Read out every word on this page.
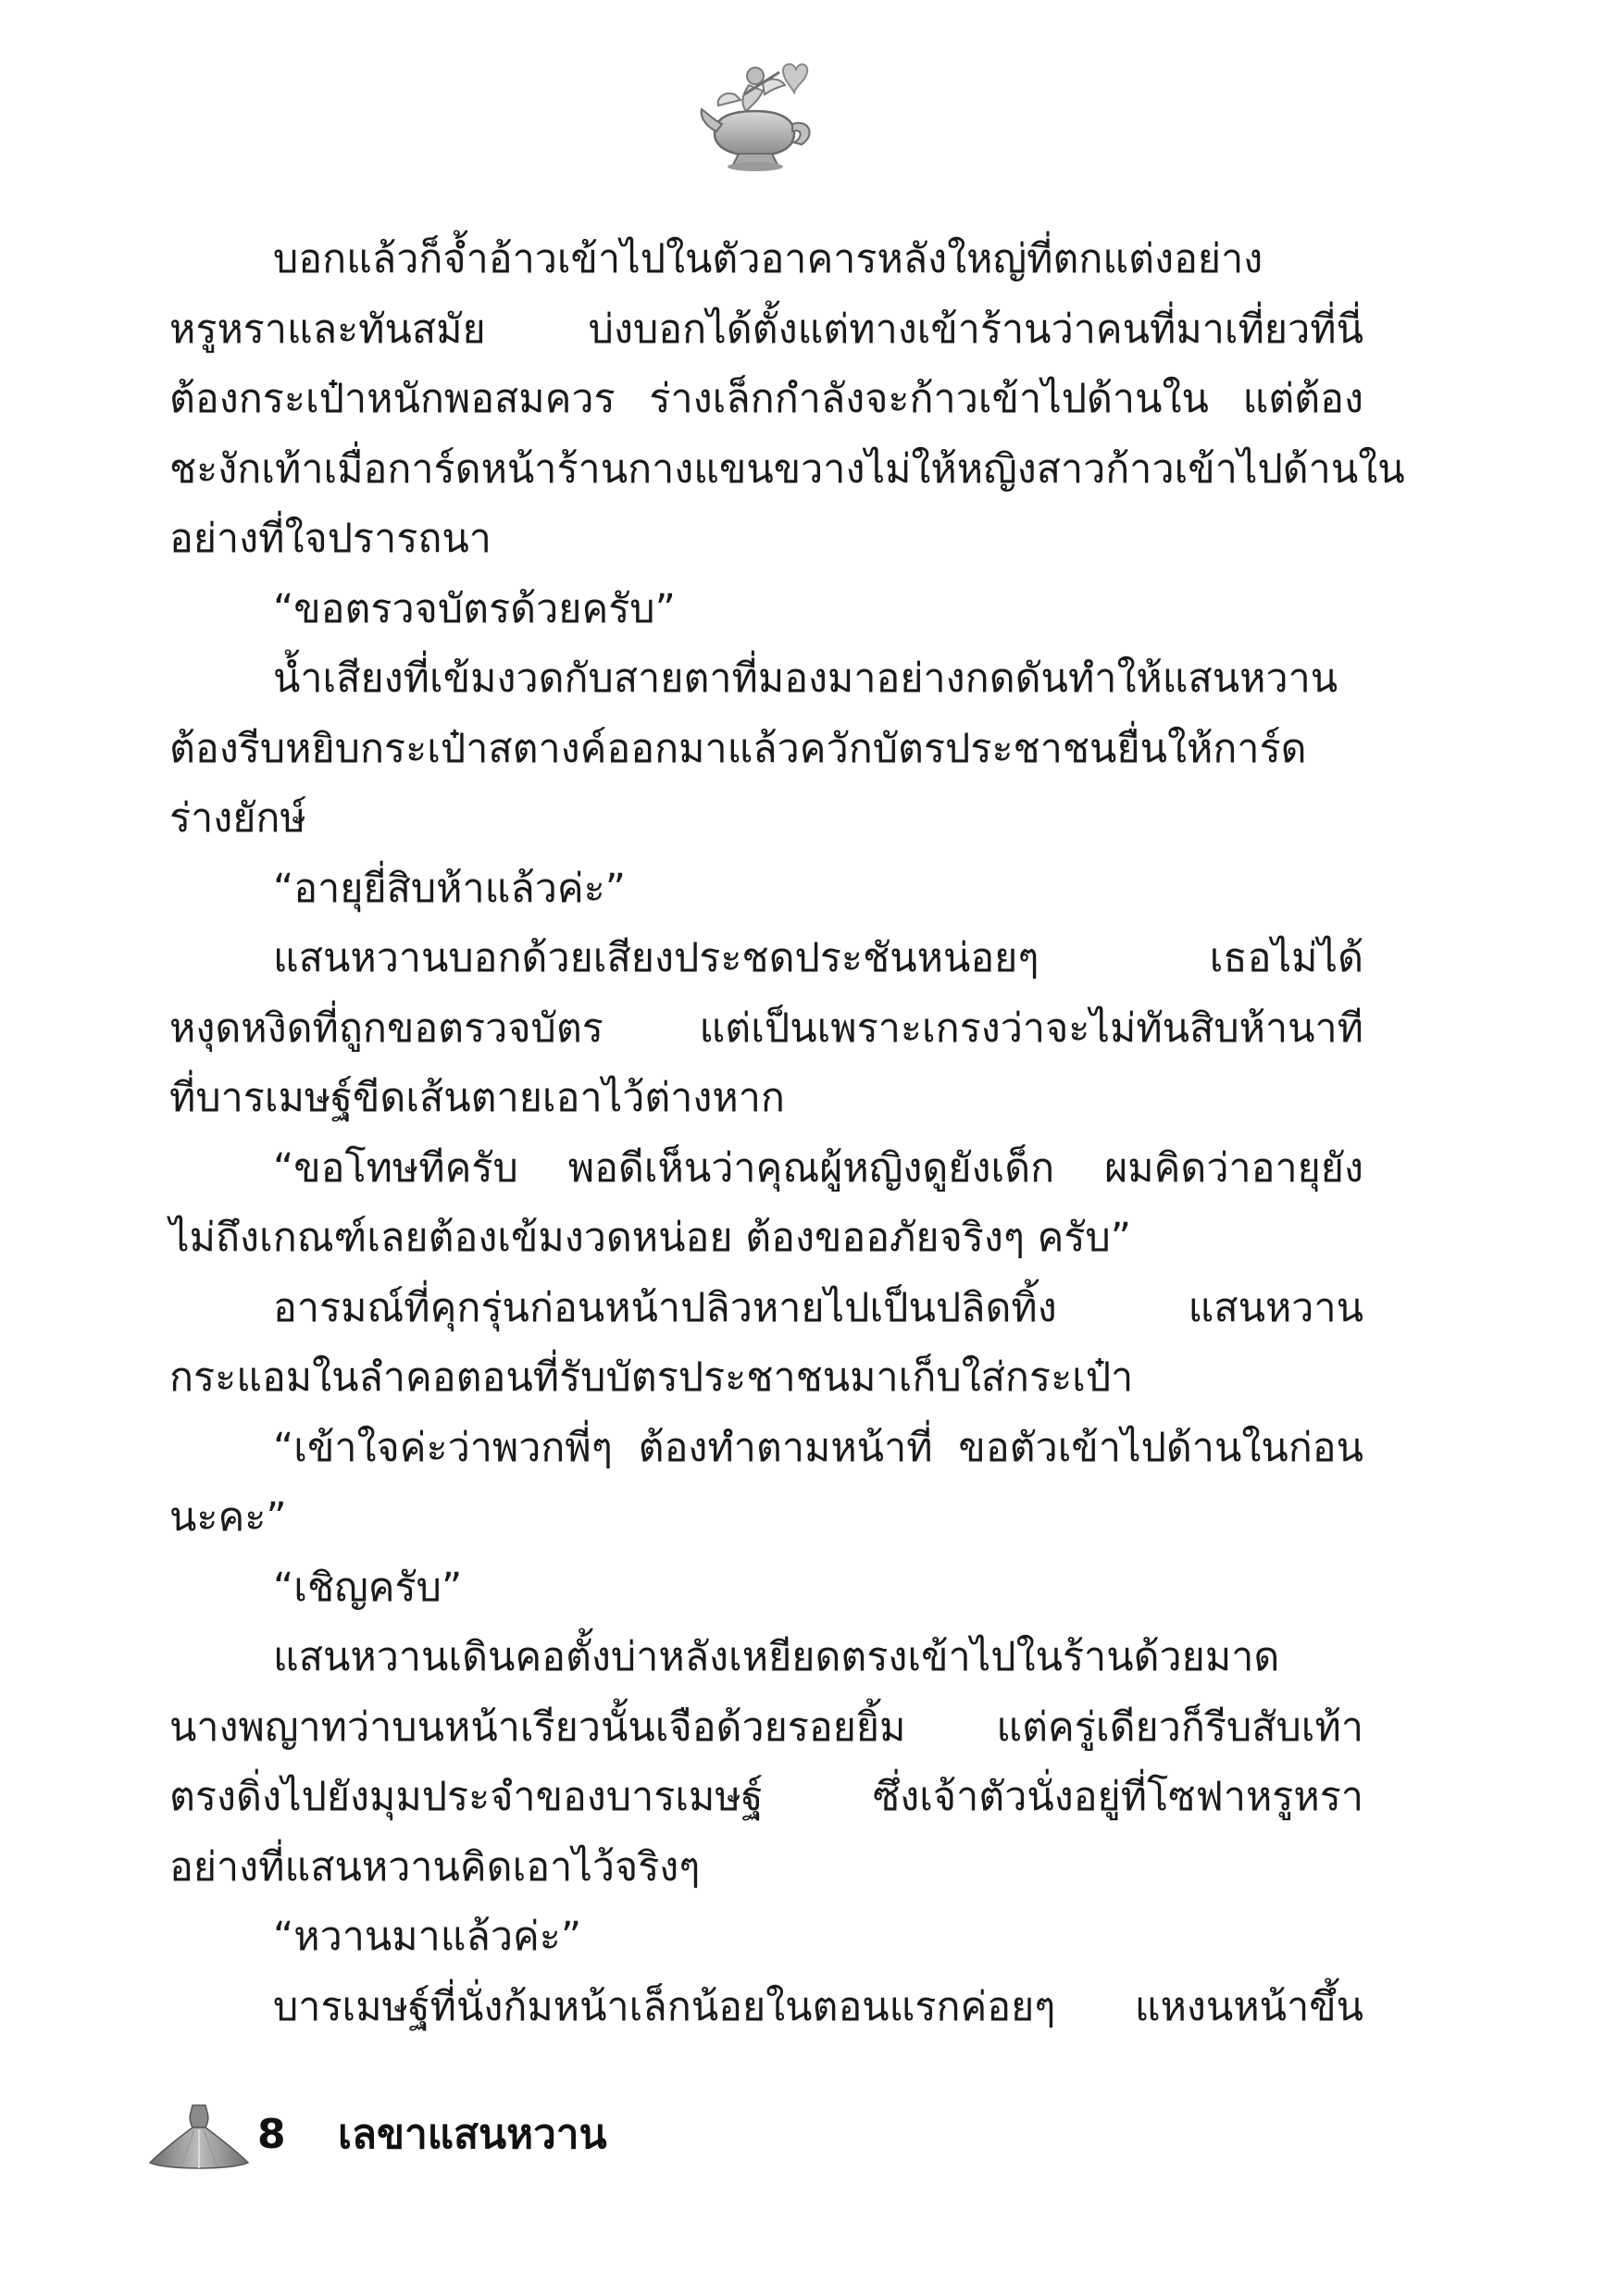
บอกแล้วก็จ้ำอ้าวเข้าไปในตัวอาคารหลังใหญ่ที่ตกแต่งอย่าง
หรูหราและทันสมัย บ่งบอกได้ตั้งแต่ทางเข้าร้านว่าคนที่มาเที่ยวที่นี่
ต้องกระเป๋าหนักพอสมควร ร่างเล็กกำลังจะก้าวเข้าไปด้านใน แต่ต้อง
ชะงักเท้าเมื่อการ์ดหน้าร้านกางแขนขวางไม่ให้หญิงสาวก้าวเข้าไปด้านใน
อย่างที่ใจปรารถนา
“ขอตรวจบัตรด้วยครับ”
น้ำเสียงที่เข้มงวดกับสายตาที่มองมาอย่างกดดันทำให้แสนหวาน
ต้องรีบหยิบกระเป๋าสตางค์ออกมาแล้วควักบัตรประชาชนยื่นให้การ์ด
ร่างยักษ์
“อายุยี่สิบห้าแล้วค่ะ”
แสนหวานบอกด้วยเสียงประชดประชันหน่อยๆ เธอไม่ได้
หงุดหงิดที่ถูกขอตรวจบัตร แต่เป็นเพราะเกรงว่าจะไม่ทันสิบห้านาที
ที่บารเมษฐ์ขีดเส้นตายเอาไว้ต่างหาก
“ขอโทษทีครับ พอดีเห็นว่าคุณผู้หญิงดูยังเด็ก ผมคิดว่าอายุยัง
ไม่ถึงเกณฑ์เลยต้องเข้มงวดหน่อย ต้องขออภัยจริงๆ ครับ”
อารมณ์ที่คุกรุ่นก่อนหน้าปลิวหายไปเป็นปลิดทิ้ง แสนหวาน
กระแอมในลำคอตอนที่รับบัตรประชาชนมาเก็บใส่กระเป๋า
“เข้าใจค่ะว่าพวกพี่ๆ ต้องทำตามหน้าที่ ขอตัวเข้าไปด้านในก่อน
นะคะ”
“เชิญครับ”
แสนหวานเดินคอตั้งบ่าหลังเหยียดตรงเข้าไปในร้านด้วยมาด
นางพญาทว่าบนหน้าเรียวนั้นเจือด้วยรอยยิ้ม แต่ครู่เดียวก็รีบสับเท้า
ตรงดิ่งไปยังมุมประจำของบารเมษฐ์ ซึ่งเจ้าตัวนั่งอยู่ที่โซฟาหรูหรา
อย่างที่แสนหวานคิดเอาไว้จริงๆ
“หวานมาแล้วค่ะ”
บารเมษฐ์ที่นั่งก้มหน้าเล็กน้อยในตอนแรกค่อยๆ แหงนหน้าขึ้น
8 เลขาแสนหวาน
